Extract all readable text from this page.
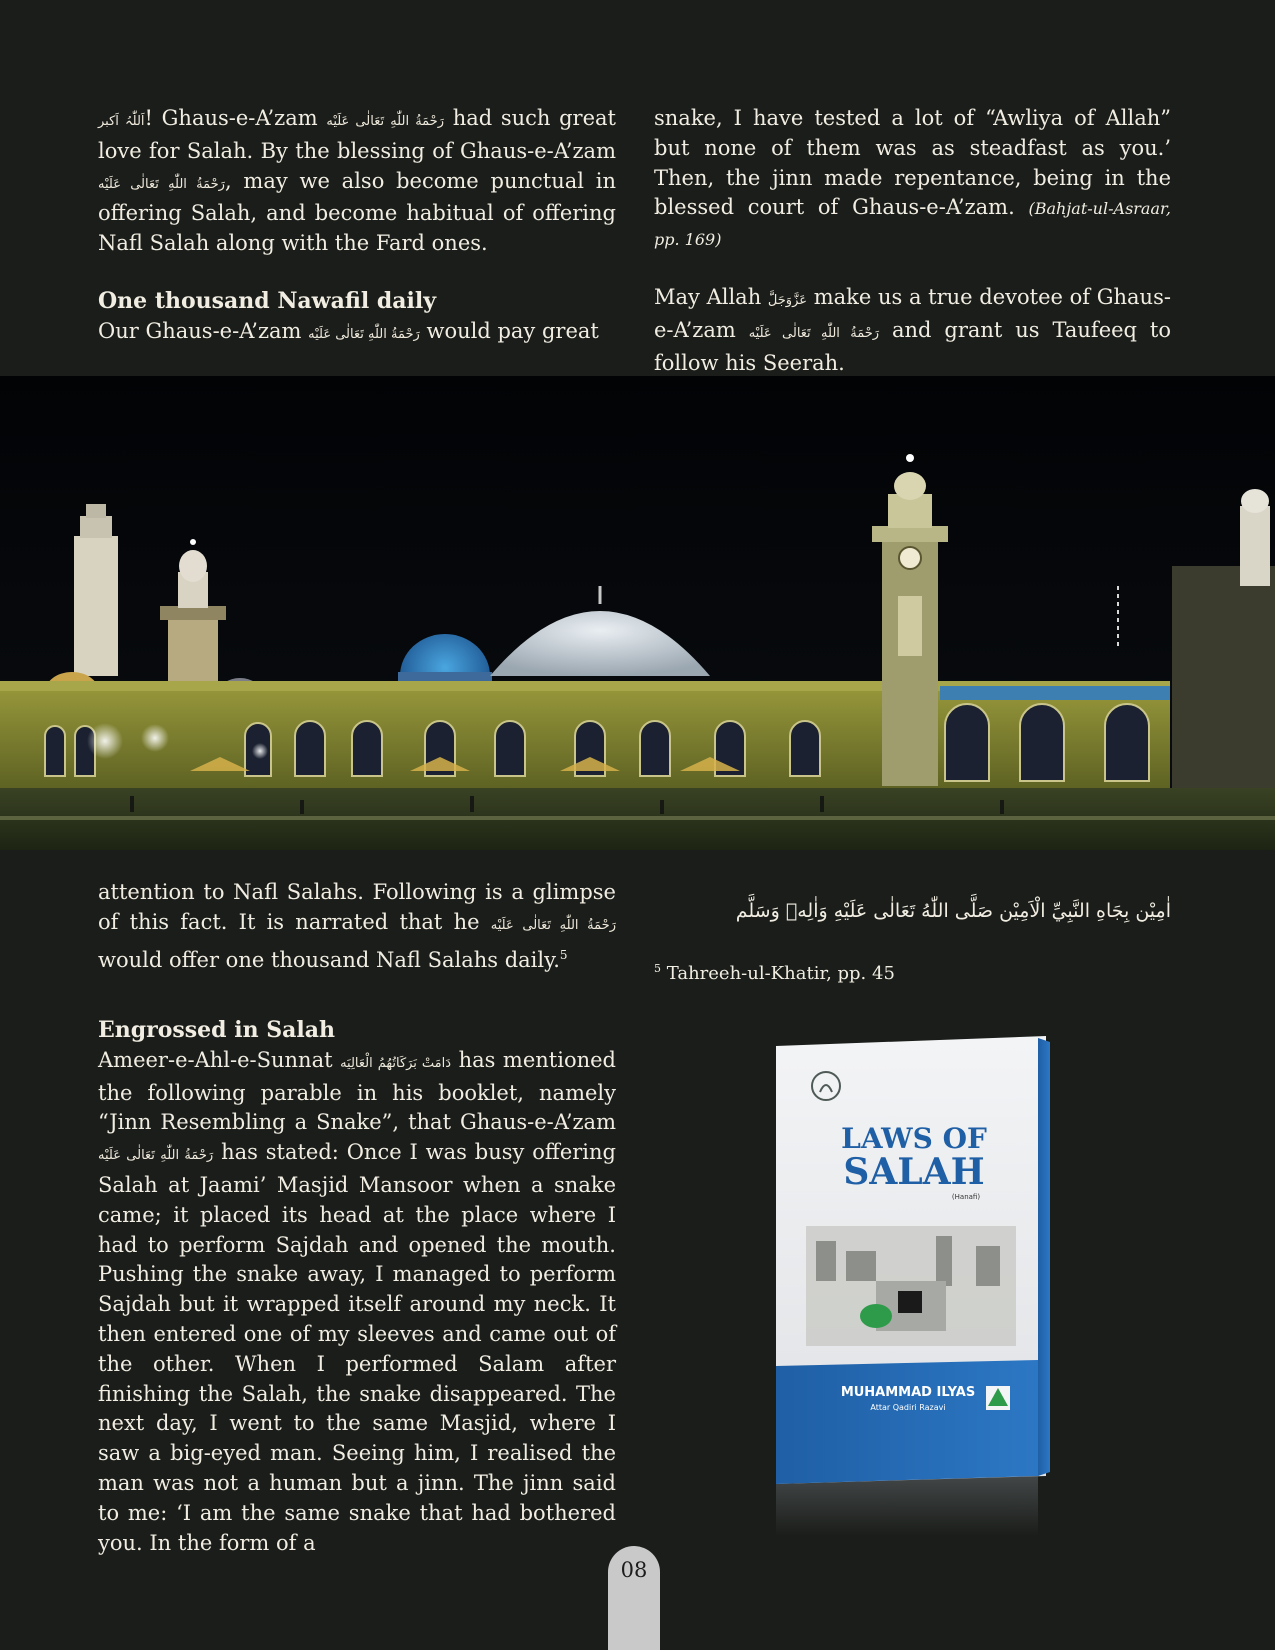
اَللّٰہُ اَکبر! Ghaus-e-A’zam رَحْمَةُ اللّٰهِ تَعَالٰى عَلَيْه had such great love for Salah. By the blessing of Ghaus-e-A’zam رَحْمَةُ اللّٰهِ تَعَالٰى عَلَيْه, may we also become punctual in offering Salah, and become habitual of offering Nafl Salah along with the Fard ones.

One thousand Nawafil daily

Our Ghaus-e-A’zam رَحْمَةُ اللّٰهِ تَعَالٰى عَلَيْه would pay great

snake, I have tested a lot of “Awliya of Allah” but none of them was as steadfast as you.’ Then, the jinn made repentance, being in the blessed court of Ghaus-e-A’zam. (Bahjat-ul-Asraar, pp. 169)

May Allah عَزَّوَجَلَّ make us a true devotee of Ghaus-e-A’zam رَحْمَةُ اللّٰهِ تَعَالٰى عَلَيْه and grant us Taufeeq to follow his Seerah.

attention to Nafl Salahs. Following is a glimpse of this fact. It is narrated that he رَحْمَةُ اللّٰهِ تَعَالٰى عَلَيْه would offer one thousand Nafl Salahs daily.$^5$

Engrossed in Salah

Ameer-e-Ahl-e-Sunnat دَامَتْ بَرَكَاتُهُمُ الْعَالِيَه has mentioned the following parable in his booklet, namely “Jinn Resembling a Snake”, that Ghaus-e-A’zam رَحْمَةُ اللّٰهِ تَعَالٰى عَلَيْه has stated: Once I was busy offering Salah at Jaami’ Masjid Mansoor when a snake came; it placed its head at the place where I had to perform Sajdah and opened the mouth. Pushing the snake away, I managed to perform Sajdah but it wrapped itself around my neck. It then entered one of my sleeves and came out of the other. When I performed Salam after finishing the Salah, the snake disappeared. The next day, I went to the same Masjid, where I saw a big-eyed man. Seeing him, I realised the man was not a human but a jinn. The jinn said to me: ‘I am the same snake that had bothered you. In the form of a

اٰمِيْن بِجَاهِ النَّبِيِّ الْاَمِيْن صَلَّى اللّٰهُ تَعَالٰى عَلَيْهِ وَاٰلِهٖ وَسَلَّم
$^5$ Tahreeh-ul-Khatir, pp. 45
LAWS OF
SALAH
(Hanafi)
MUHAMMAD ILYAS
Attar Qadiri Razavi
08
